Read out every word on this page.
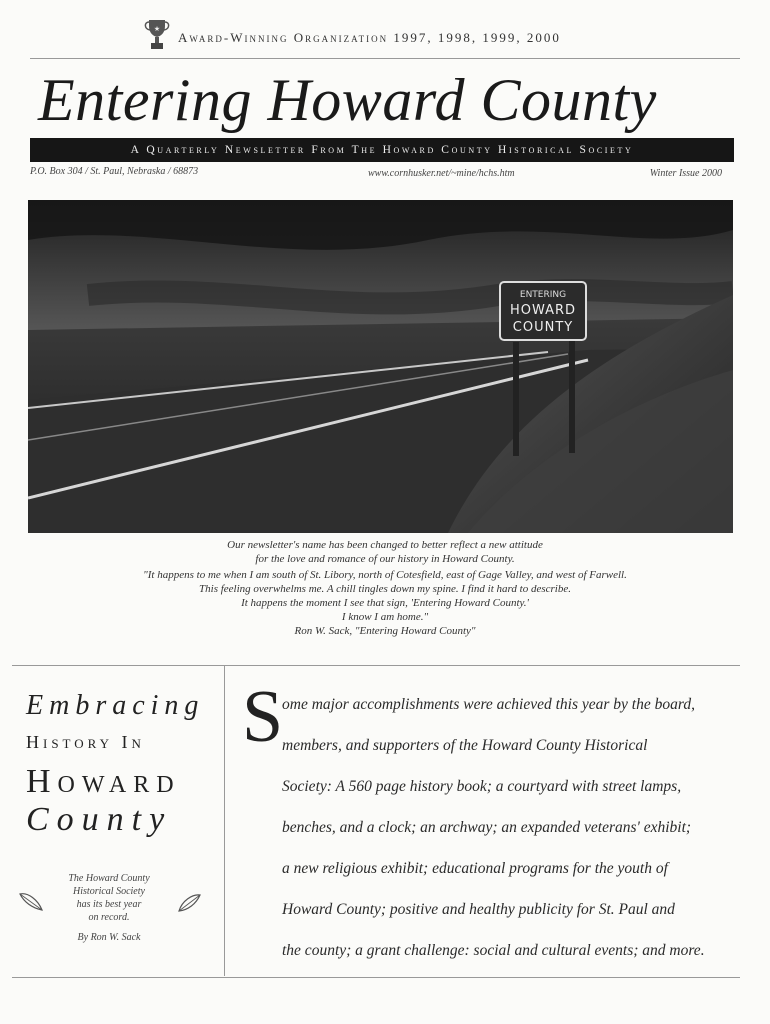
★
Award-Winning Organization 1997, 1998, 1999, 2000
Entering Howard County
A Quarterly Newsletter From The Howard County Historical Society
P.O. Box 304 / St. Paul, Nebraska / 68873	www.cornhusker.net/~mine/hchs.htm	Winter Issue 2000
ENTERING
HOWARD
COUNTY

Our newsletter's name has been changed to better reflect a new attitude

for the love and romance of our history in Howard County.

"It happens to me when I am south of St. Libory, north of Cotesfield, east of Gage Valley, and west of Farwell.

This feeling overwhelms me. A chill tingles down my spine. I find it hard to describe.

It happens the moment I see that sign, 'Entering Howard County.'

I know I am home."

Ron W. Sack, "Entering Howard County"

Embracing
History In
Howard
County
The Howard County
Historical Society
has its best year
on record.
By Ron W. Sack
S

ome major accomplishments were achieved this year by the board,
members, and supporters of the Howard County Historical
Society: A 560 page history book; a courtyard with street lamps,
benches, and a clock; an archway; an expanded veterans' exhibit;
a new religious exhibit; educational programs for the youth of
Howard County; positive and healthy publicity for St. Paul and
the county; a grant challenge: social and cultural events; and more.
